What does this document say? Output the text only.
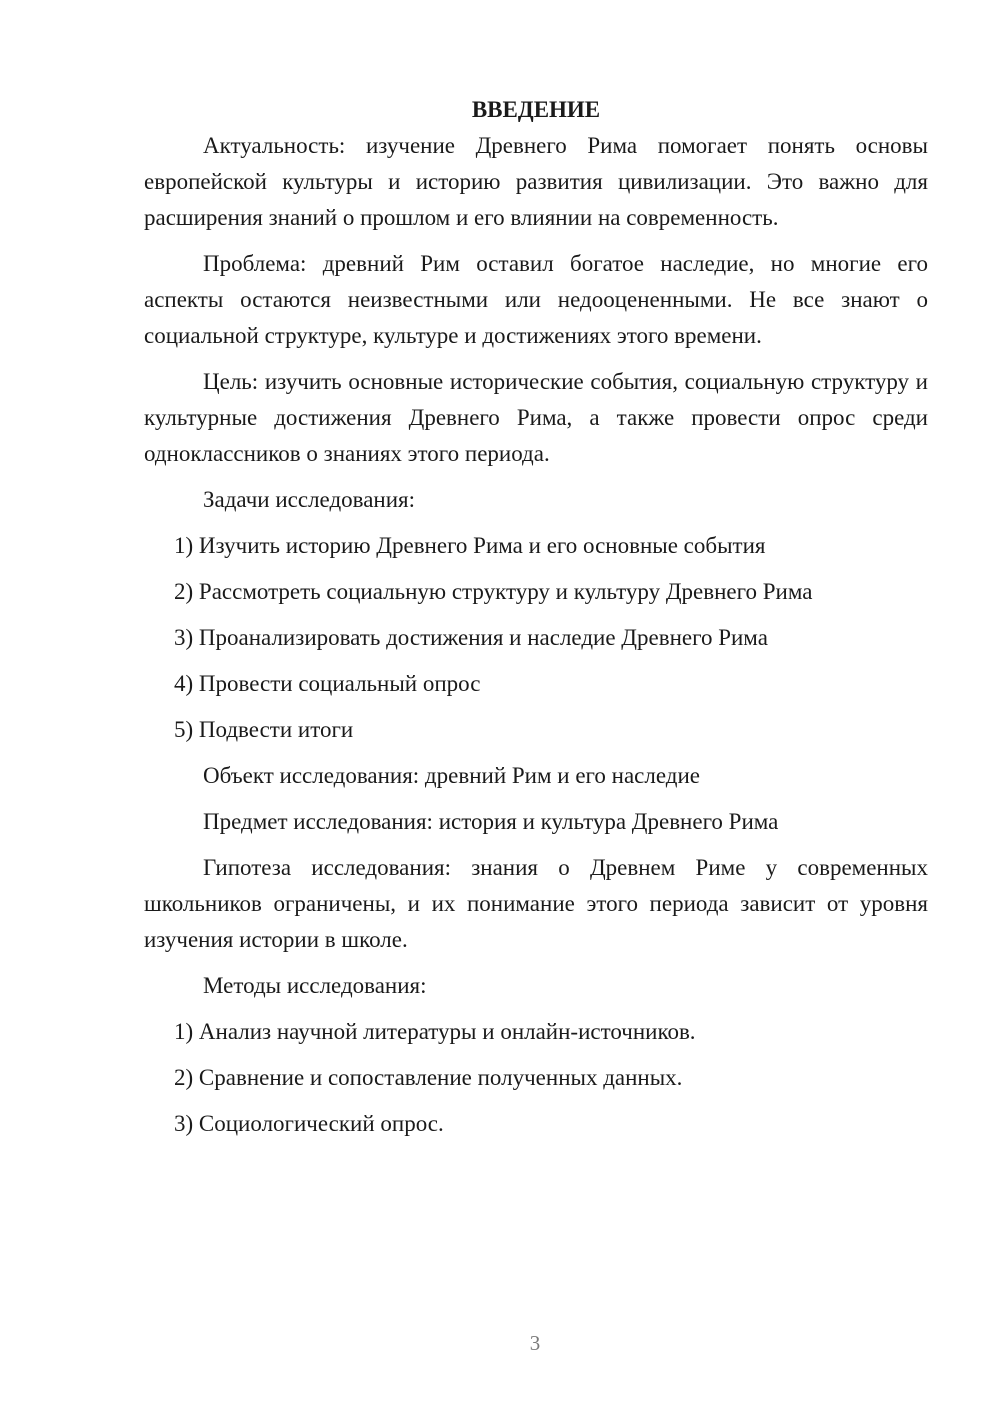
ВВЕДЕНИЕ

Актуальность: изучение Древнего Рима помогает понять основы европейской культуры и историю развития цивилизации. Это важно для расширения знаний о прошлом и его влиянии на современность.

Проблема: древний Рим оставил богатое наследие, но многие его аспекты остаются неизвестными или недооцененными. Не все знают о социальной структуре, культуре и достижениях этого времени.

Цель: изучить основные исторические события, социальную структуру и культурные достижения Древнего Рима, а также провести опрос среди одноклассников о знаниях этого периода.

Задачи исследования:
1) Изучить историю Древнего Рима и его основные события
2) Рассмотреть социальную структуру и культуру Древнего Рима
3) Проанализировать достижения и наследие Древнего Рима
4) Провести социальный опрос
5) Подвести итоги
Объект исследования: древний Рим и его наследие
Предмет исследования: история и культура Древнего Рима

Гипотеза исследования: знания о Древнем Риме у современных школьников ограничены, и их понимание этого периода зависит от уровня изучения истории в школе.

Методы исследования:
1) Анализ научной литературы и онлайн-источников.
2) Сравнение и сопоставление полученных данных.
3) Социологический опрос.
3
